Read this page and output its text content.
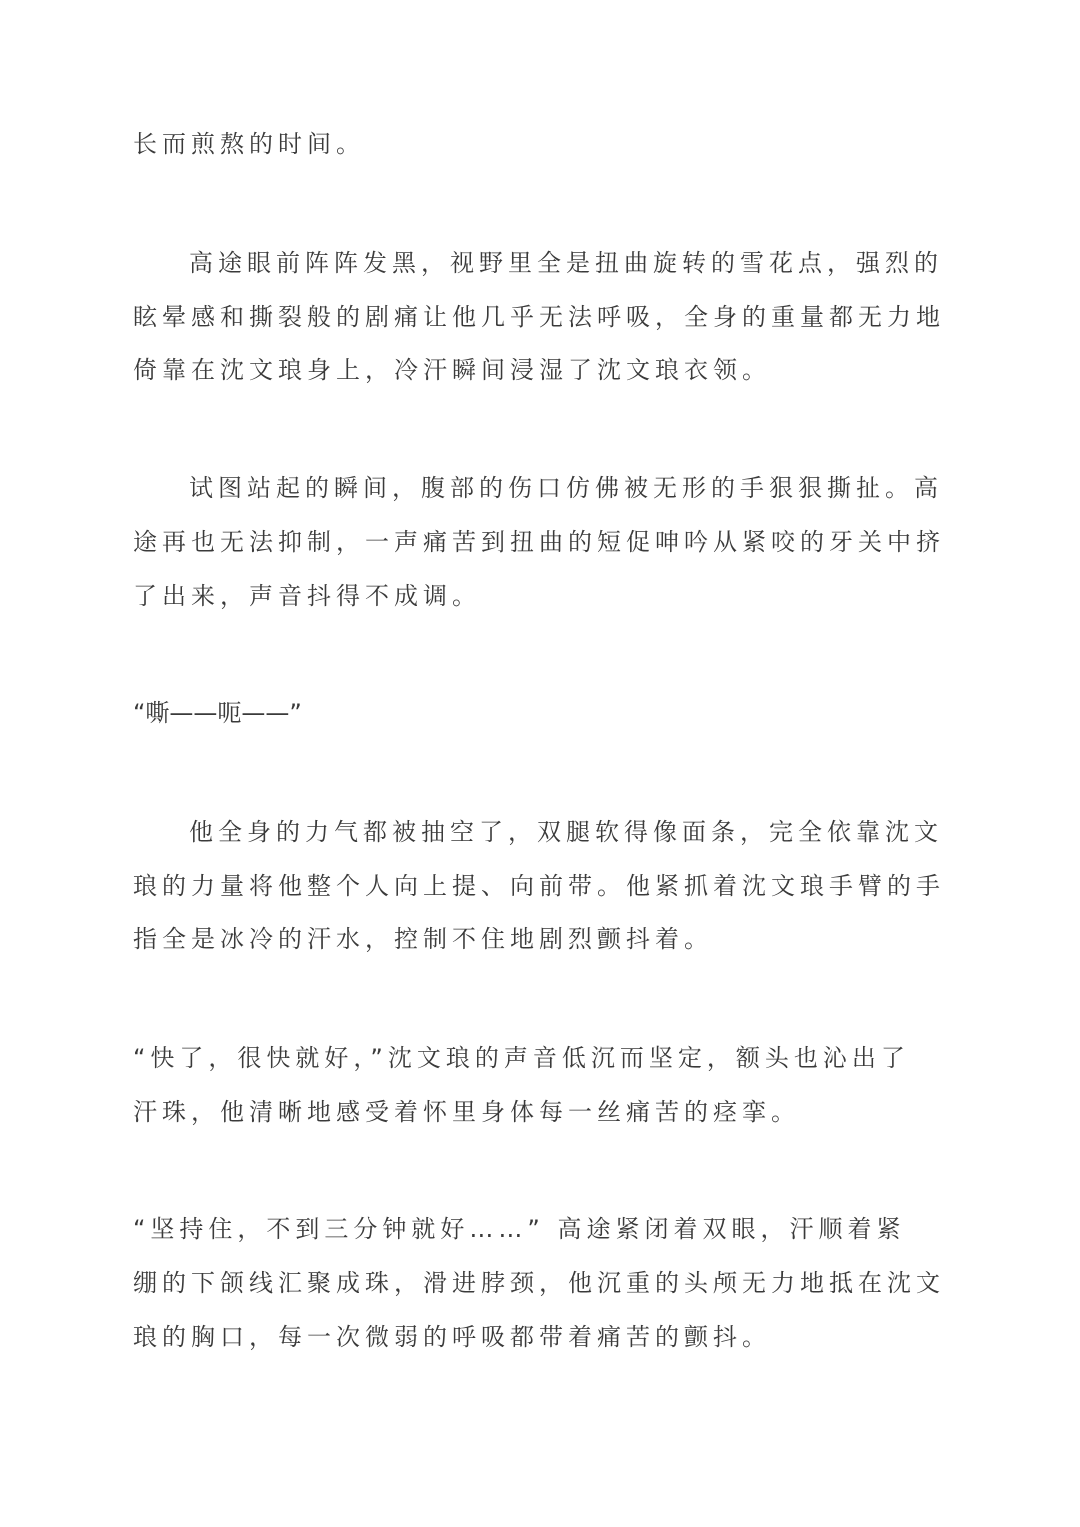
长而煎熬的时间。
高途眼前阵阵发黑，视野里全是扭曲旋转的雪花点，强烈的
眩晕感和撕裂般的剧痛让他几乎无法呼吸，全身的重量都无力地
倚靠在沈文琅身上，冷汗瞬间浸湿了沈文琅衣领。
试图站起的瞬间，腹部的伤口仿佛被无形的手狠狠撕扯。高
途再也无法抑制，一声痛苦到扭曲的短促呻吟从紧咬的牙关中挤
了出来，声音抖得不成调。
“嘶——呃——”
他全身的力气都被抽空了，双腿软得像面条，完全依靠沈文
琅的力量将他整个人向上提、向前带。他紧抓着沈文琅手臂的手
指全是冰冷的汗水，控制不住地剧烈颤抖着。
“快了，很快就好，”沈文琅的声音低沉而坚定，额头也沁出了
汗珠，他清晰地感受着怀里身体每一丝痛苦的痉挛。
“坚持住，不到三分钟就好……” 高途紧闭着双眼，汗顺着紧
绷的下颌线汇聚成珠，滑进脖颈，他沉重的头颅无力地抵在沈文
琅的胸口，每一次微弱的呼吸都带着痛苦的颤抖。
